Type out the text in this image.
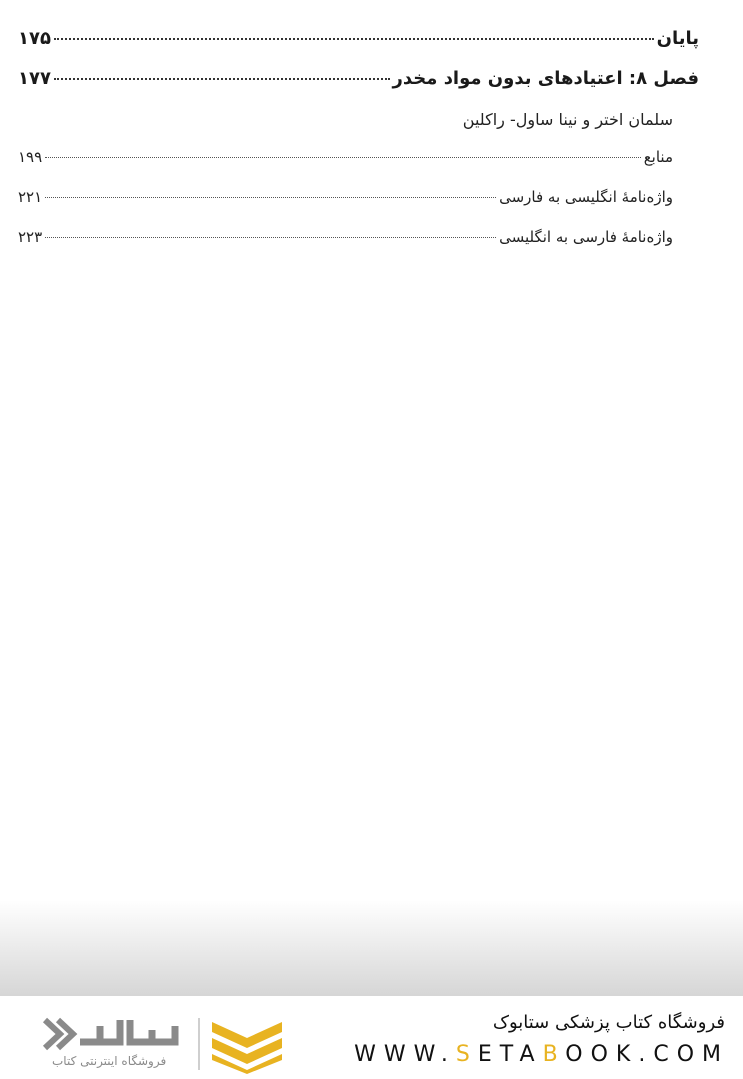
پایان
۱۷۵
فصل ۸: اعتیادهای بدون مواد مخدر
۱۷۷
سلمان اختر و نینا ساول- راکلین
منابع
۱۹۹
واژه‌نامۀ انگلیسی به فارسی
۲۲۱
واژه‌نامۀ فارسی به انگلیسی
۲۲۳
فروشگاه اینترنتی کتاب
فروشگاه کتاب پزشکی ستابوک
WWW.SETABOOK.COM
